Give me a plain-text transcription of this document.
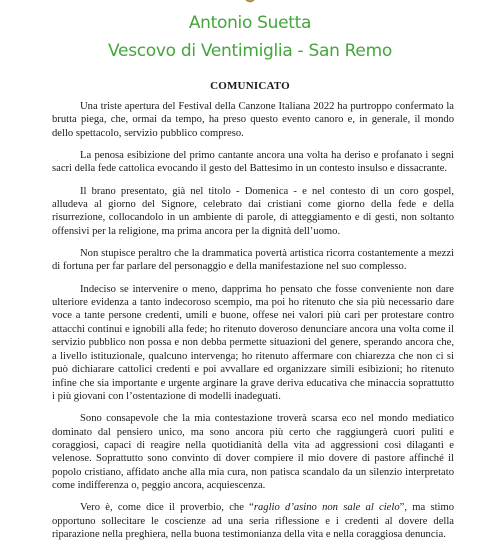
Antonio Suetta
Vescovo di Ventimiglia - San Remo
COMUNICATO

Una triste apertura del Festival della Canzone Italiana 2022 ha purtroppo confermato la brutta piega, che, ormai da tempo, ha preso questo evento canoro e, in generale, il mondo dello spettacolo, servizio pubblico compreso.

La penosa esibizione del primo cantante ancora una volta ha deriso e profanato i segni sacri della fede cattolica evocando il gesto del Battesimo in un contesto insulso e dissacrante.

Il brano presentato, già nel titolo - Domenica - e nel contesto di un coro gospel, alludeva al giorno del Signore, celebrato dai cristiani come giorno della fede e della risurrezione, collocandolo in un ambiente di parole, di atteggiamento e di gesti, non soltanto offensivi per la religione, ma prima ancora per la dignità dell’uomo.

Non stupisce peraltro che la drammatica povertà artistica ricorra costantemente a mezzi di fortuna per far parlare del personaggio e della manifestazione nel suo complesso.

Indeciso se intervenire o meno, dapprima ho pensato che fosse conveniente non dare ulteriore evidenza a tanto indecoroso scempio, ma poi ho ritenuto che sia più necessario dare voce a tante persone credenti, umili e buone, offese nei valori più cari per protestare contro attacchi continui e ignobili alla fede; ho ritenuto doveroso denunciare ancora una volta come il servizio pubblico non possa e non debba permette situazioni del genere, sperando ancora che, a livello istituzionale, qualcuno intervenga; ho ritenuto affermare con chiarezza che non ci si può dichiarare cattolici credenti e poi avvallare ed organizzare simili esibizioni; ho ritenuto infine che sia importante e urgente arginare la grave deriva educativa che minaccia soprattutto i più giovani con l’ostentazione di modelli inadeguati.

Sono consapevole che la mia contestazione troverà scarsa eco nel mondo mediatico dominato dal pensiero unico, ma sono ancora più certo che raggiungerà cuori puliti e coraggiosi, capaci di reagire nella quotidianità della vita ad aggressioni così dilaganti e velenose. Soprattutto sono convinto di dover compiere il mio dovere di pastore affinché il popolo cristiano, affidato anche alla mia cura, non patisca scandalo da un silenzio interpretato come indifferenza o, peggio ancora, acquiescenza.

Vero è, come dice il proverbio, che “raglio d’asino non sale al cielo”, ma stimo opportuno sollecitare le coscienze ad una seria riflessione e i credenti al dovere della riparazione nella preghiera, nella buona testimonianza della vita e nella coraggiosa denuncia.
